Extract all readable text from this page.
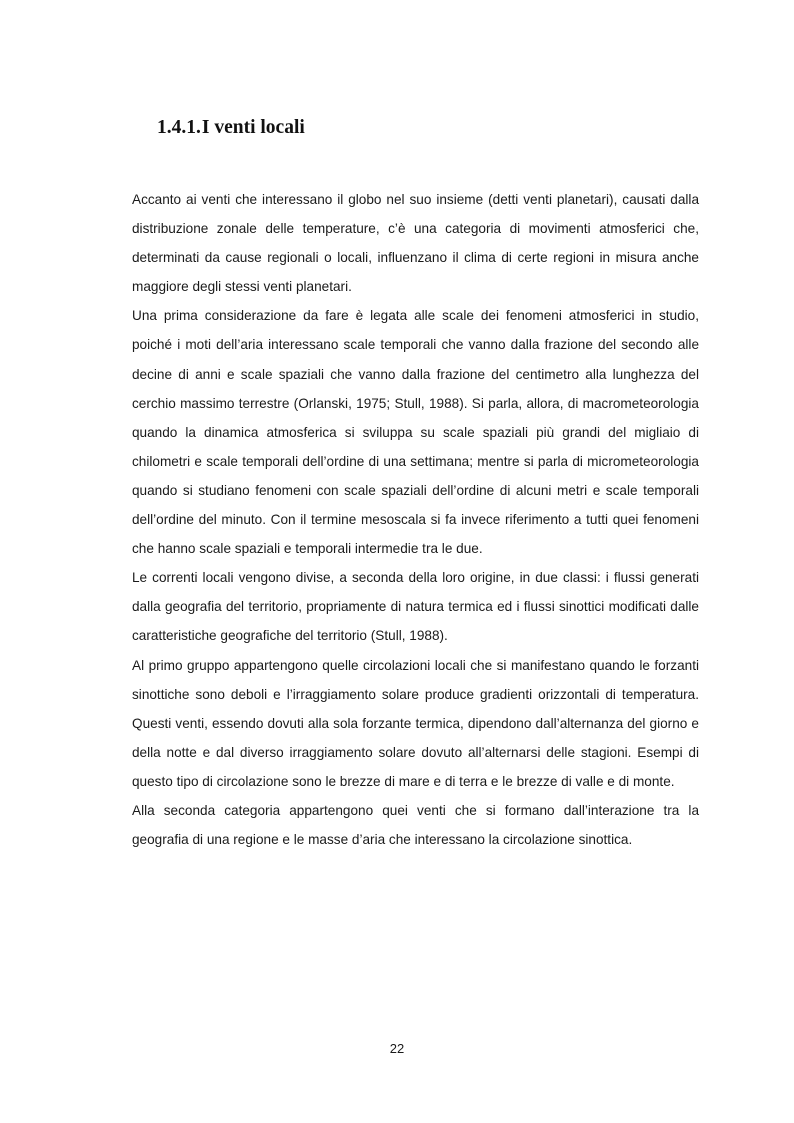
1.4.1.I venti locali

Accanto ai venti che interessano il globo nel suo insieme (detti venti planetari), causati dalla distribuzione zonale delle temperature, c’è una categoria di movimenti atmosferici che, determinati da cause regionali o locali, influenzano il clima di certe regioni in misura anche maggiore degli stessi venti planetari.

Una prima considerazione da fare è legata alle scale dei fenomeni atmosferici in studio, poiché i moti dell’aria interessano scale temporali che vanno dalla frazione del secondo alle decine di anni e scale spaziali che vanno dalla frazione del centimetro alla lunghezza del cerchio massimo terrestre (Orlanski, 1975; Stull, 1988). Si parla, allora, di macrometeorologia quando la dinamica atmosferica si sviluppa su scale spaziali più grandi del migliaio di chilometri e scale temporali dell’ordine di una settimana; mentre si parla di micrometeorologia quando si studiano fenomeni con scale spaziali dell’ordine di alcuni metri e scale temporali dell’ordine del minuto. Con il termine mesoscala si fa invece riferimento a tutti quei fenomeni che hanno scale spaziali e temporali intermedie tra le due.

Le correnti locali vengono divise, a seconda della loro origine, in due classi: i flussi generati dalla geografia del territorio, propriamente di natura termica ed i flussi sinottici modificati dalle caratteristiche geografiche del territorio (Stull, 1988).

Al primo gruppo appartengono quelle circolazioni locali che si manifestano quando le forzanti sinottiche sono deboli e l’irraggiamento solare produce gradienti orizzontali di temperatura. Questi venti, essendo dovuti alla sola forzante termica, dipendono dall’alternanza del giorno e della notte e dal diverso irraggiamento solare dovuto all’alternarsi delle stagioni. Esempi di questo tipo di circolazione sono le brezze di mare e di terra e le brezze di valle e di monte.

Alla seconda categoria appartengono quei venti che si formano dall’interazione tra la geografia di una regione e le masse d’aria che interessano la circolazione sinottica.

22
